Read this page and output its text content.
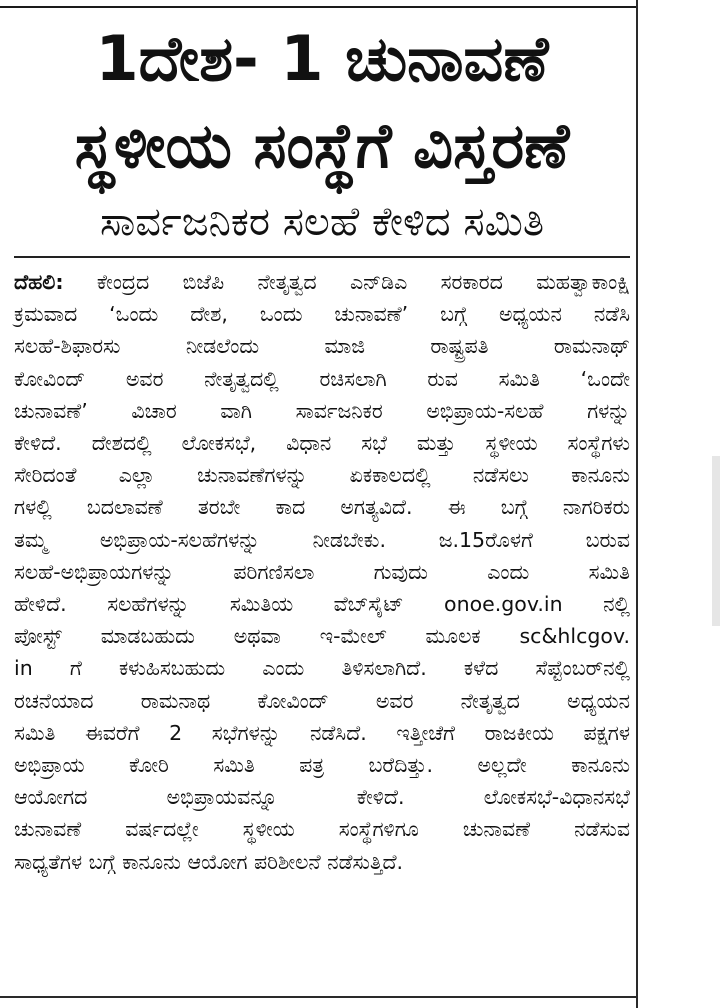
1ದೇಶ- 1 ಚುನಾವಣೆ
ಸ್ಥಳೀಯ ಸಂಸ್ಥೆಗೆ ವಿಸ್ತರಣೆ
ಸಾರ್ವಜನಿಕರ ಸಲಹೆ ಕೇಳಿದ ಸಮಿತಿ
ದೆಹಲಿ: ಕೇಂದ್ರದ ಬಿಜೆಪಿ ನೇತೃತ್ವದ ಎನ್‌ಡಿಎ ಸರಕಾರದ ಮಹತ್ವಾಕಾಂಕ್ಷಿ
ಕ್ರಮವಾದ ‘ಒಂದು ದೇಶ, ಒಂದು ಚುನಾವಣೆ’ ಬಗ್ಗೆ ಅಧ್ಯಯನ ನಡೆಸಿ
ಸಲಹೆ-ಶಿಫಾರಸು ನೀಡಲೆಂದು ಮಾಜಿ ರಾಷ್ಟ್ರಪತಿ ರಾಮನಾಥ್
ಕೋವಿಂದ್ ಅವರ ನೇತೃತ್ವದಲ್ಲಿ ರಚಿಸಲಾಗಿ ರುವ ಸಮಿತಿ ‘ಒಂದೇ
ಚುನಾವಣೆ’ ವಿಚಾರ ವಾಗಿ ಸಾರ್ವಜನಿಕರ ಅಭಿಪ್ರಾಯ-ಸಲಹೆ ಗಳನ್ನು
ಕೇಳಿದೆ. ದೇಶದಲ್ಲಿ ಲೋಕಸಭೆ, ವಿಧಾನ ಸಭೆ ಮತ್ತು ಸ್ಥಳೀಯ ಸಂಸ್ಥೆಗಳು
ಸೇರಿದಂತೆ ಎಲ್ಲಾ ಚುನಾವಣೆಗಳನ್ನು ಏಕಕಾಲದಲ್ಲಿ ನಡೆಸಲು ಕಾನೂನು
ಗಳಲ್ಲಿ ಬದಲಾವಣೆ ತರಬೇ ಕಾದ ಅಗತ್ಯವಿದೆ. ಈ ಬಗ್ಗೆ ನಾಗರಿಕರು
ತಮ್ಮ ಅಭಿಪ್ರಾಯ-ಸಲಹೆಗಳನ್ನು ನೀಡಬೇಕು. ಜ.15ರೊಳಗೆ ಬರುವ
ಸಲಹೆ-ಅಭಿಪ್ರಾಯಗಳನ್ನು ಪರಿಗಣಿಸಲಾ ಗುವುದು ಎಂದು ಸಮಿತಿ
ಹೇಳಿದೆ. ಸಲಹೆಗಳನ್ನು ಸಮಿತಿಯ ವೆಬ್‌ಸೈಟ್ onoe.gov.in ನಲ್ಲಿ
ಪೋಸ್ಟ್ ಮಾಡಬಹುದು ಅಥವಾ ಇ-ಮೇಲ್ ಮೂಲಕ sc&hlcgov.
in ಗೆ ಕಳುಹಿಸಬಹುದು ಎಂದು ತಿಳಿಸಲಾಗಿದೆ. ಕಳೆದ ಸೆಪ್ಟೆಂಬರ್‌ನಲ್ಲಿ
ರಚನೆಯಾದ ರಾಮನಾಥ ಕೋವಿಂದ್ ಅವರ ನೇತೃತ್ವದ ಅಧ್ಯಯನ
ಸಮಿತಿ ಈವರೆಗೆ 2 ಸಭೆಗಳನ್ನು ನಡೆಸಿದೆ. ಇತ್ತೀಚೆಗೆ ರಾಜಕೀಯ ಪಕ್ಷಗಳ
ಅಭಿಪ್ರಾಯ ಕೋರಿ ಸಮಿತಿ ಪತ್ರ ಬರೆದಿತ್ತು. ಅಲ್ಲದೇ ಕಾನೂನು
ಆಯೋಗದ ಅಭಿಪ್ರಾಯವನ್ನೂ ಕೇಳಿದೆ. ಲೋಕಸಭೆ-ವಿಧಾನಸಭೆ
ಚುನಾವಣೆ ವರ್ಷದಲ್ಲೇ ಸ್ಥಳೀಯ ಸಂಸ್ಥೆಗಳಿಗೂ ಚುನಾವಣೆ ನಡೆಸುವ
ಸಾಧ್ಯತೆಗಳ ಬಗ್ಗೆ ಕಾನೂನು ಆಯೋಗ ಪರಿಶೀಲನೆ ನಡೆಸುತ್ತಿದೆ.
